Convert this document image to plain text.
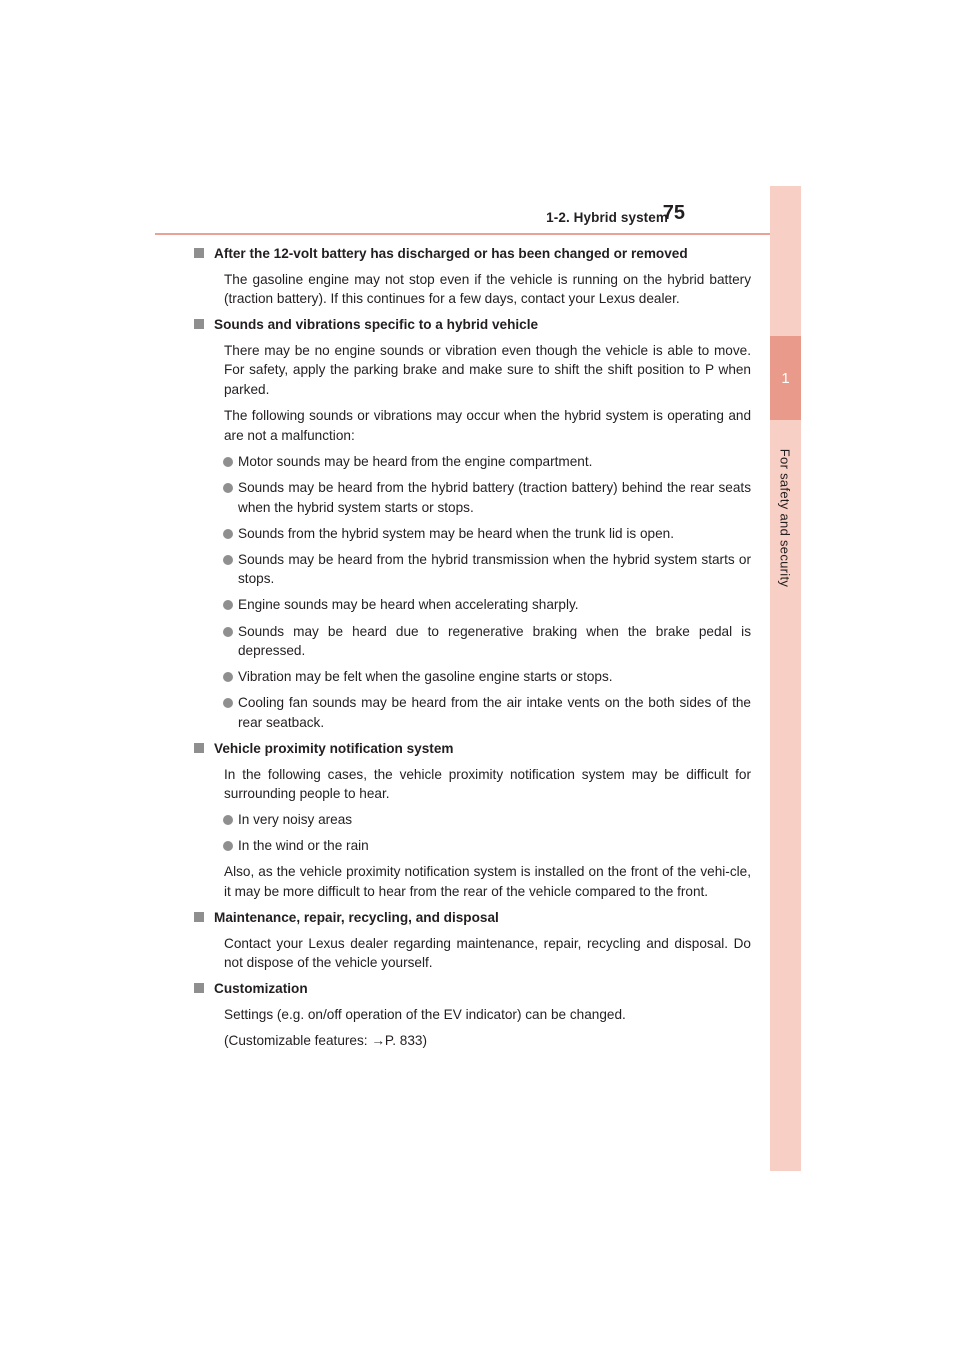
1-2. Hybrid system
75
1
For safety and security
After the 12-volt battery has discharged or has been changed or removed
The gasoline engine may not stop even if the vehicle is running on the hybrid battery (traction battery). If this continues for a few days, contact your Lexus dealer.
Sounds and vibrations specific to a hybrid vehicle
There may be no engine sounds or vibration even though the vehicle is able to move. For safety, apply the parking brake and make sure to shift the shift position to P when parked.
The following sounds or vibrations may occur when the hybrid system is operating and are not a malfunction:
Motor sounds may be heard from the engine compartment.
Sounds may be heard from the hybrid battery (traction battery) behind the rear seats when the hybrid system starts or stops.
Sounds from the hybrid system may be heard when the trunk lid is open.
Sounds may be heard from the hybrid transmission when the hybrid system starts or stops.
Engine sounds may be heard when accelerating sharply.
Sounds may be heard due to regenerative braking when the brake pedal is depressed.
Vibration may be felt when the gasoline engine starts or stops.
Cooling fan sounds may be heard from the air intake vents on the both sides of the rear seatback.
Vehicle proximity notification system
In the following cases, the vehicle proximity notification system may be difficult for surrounding people to hear.
In very noisy areas
In the wind or the rain
Also, as the vehicle proximity notification system is installed on the front of the vehi-cle, it may be more difficult to hear from the rear of the vehicle compared to the front.
Maintenance, repair, recycling, and disposal
Contact your Lexus dealer regarding maintenance, repair, recycling and disposal. Do not dispose of the vehicle yourself.
Customization
Settings (e.g. on/off operation of the EV indicator) can be changed.
(Customizable features: →P. 833)
